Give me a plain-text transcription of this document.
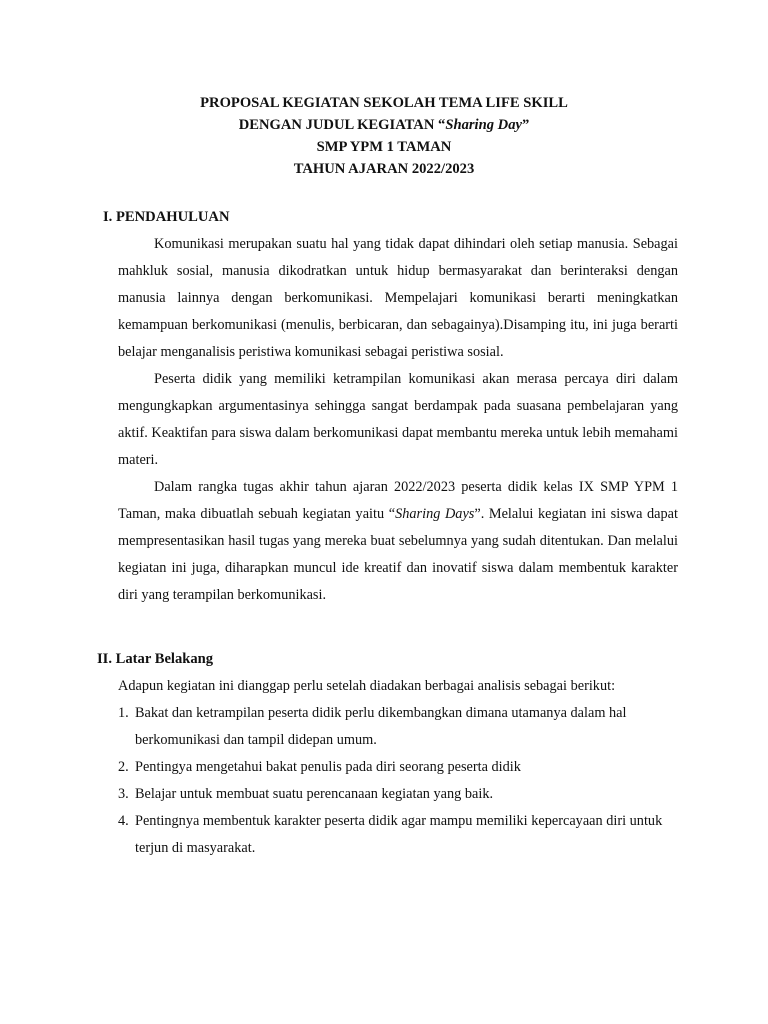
PROPOSAL KEGIATAN SEKOLAH TEMA LIFE SKILL
DENGAN JUDUL KEGIATAN “Sharing Day”
SMP YPM 1 TAMAN
TAHUN AJARAN 2022/2023
I. PENDAHULUAN

Komunikasi merupakan suatu hal yang tidak dapat dihindari oleh setiap manusia. Sebagai mahkluk sosial, manusia dikodratkan untuk hidup bermasyarakat dan berinteraksi dengan manusia lainnya dengan berkomunikasi. Mempelajari komunikasi berarti meningkatkan kemampuan berkomunikasi (menulis, berbicaran, dan sebagainya).Disamping itu, ini juga berarti belajar menganalisis peristiwa komunikasi sebagai peristiwa sosial.

Peserta didik yang memiliki ketrampilan komunikasi akan merasa percaya diri dalam mengungkapkan argumentasinya sehingga sangat berdampak pada suasana pembelajaran yang aktif. Keaktifan para siswa dalam berkomunikasi dapat membantu mereka untuk lebih memahami materi.

Dalam rangka tugas akhir tahun ajaran 2022/2023 peserta didik kelas IX SMP YPM 1 Taman, maka dibuatlah sebuah kegiatan yaitu “Sharing Days”. Melalui kegiatan ini siswa dapat mempresentasikan hasil tugas yang mereka buat sebelumnya yang sudah ditentukan. Dan melalui kegiatan ini juga, diharapkan muncul ide kreatif dan inovatif siswa dalam membentuk karakter diri yang terampilan berkomunikasi.

II. Latar Belakang
Adapun kegiatan ini dianggap perlu setelah diadakan berbagai analisis sebagai berikut:
1. Bakat dan ketrampilan peserta didik perlu dikembangkan dimana utamanya dalam hal berkomunikasi dan tampil didepan umum.
2. Pentingya mengetahui bakat penulis pada diri seorang peserta didik
3. Belajar untuk membuat suatu perencanaan kegiatan yang baik.
4. Pentingnya membentuk karakter peserta didik agar mampu memiliki kepercayaan diri untuk terjun di masyarakat.
